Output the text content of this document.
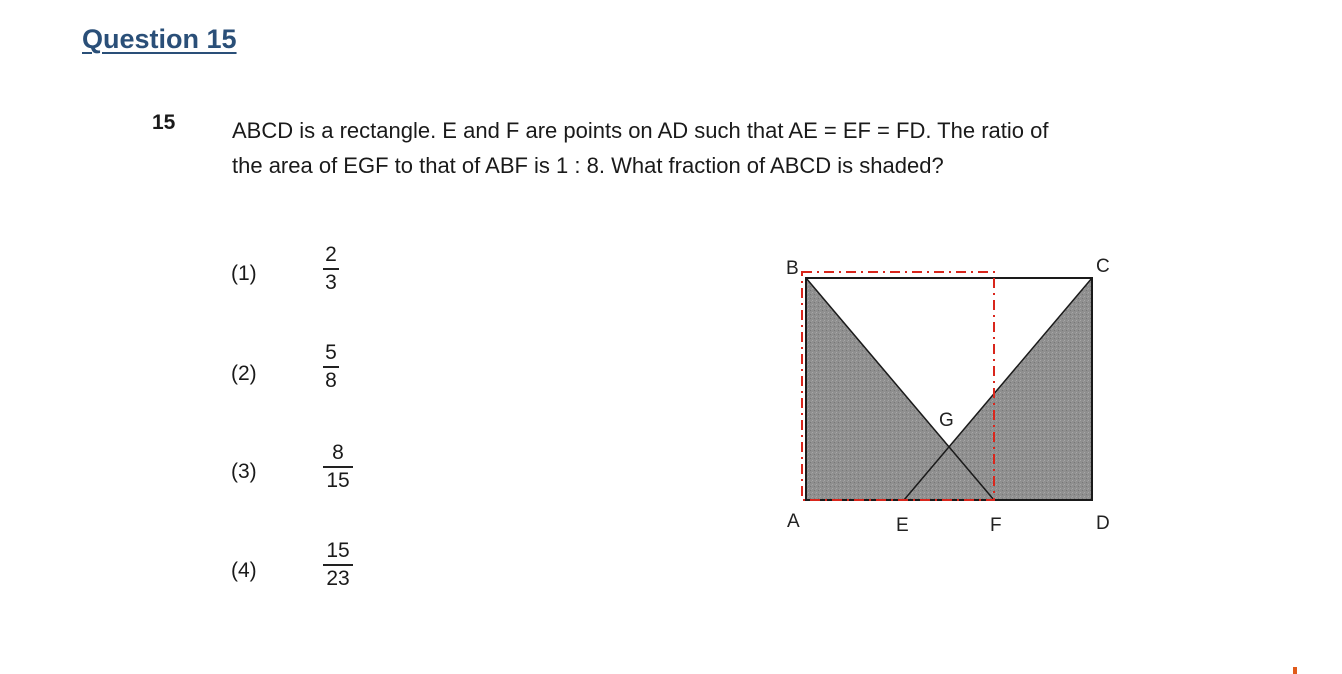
Question 15
15	ABCD is a rectangle. E and F are points on AD such that AE = EF = FD. The ratio of
the area of EGF to that of ABF is 1 : 8. What fraction of ABCD is shaded?
(1)
2
3
(2)
5
8
(3)
8
15
(4)
15
23
B	C
A	E	F	D
G
